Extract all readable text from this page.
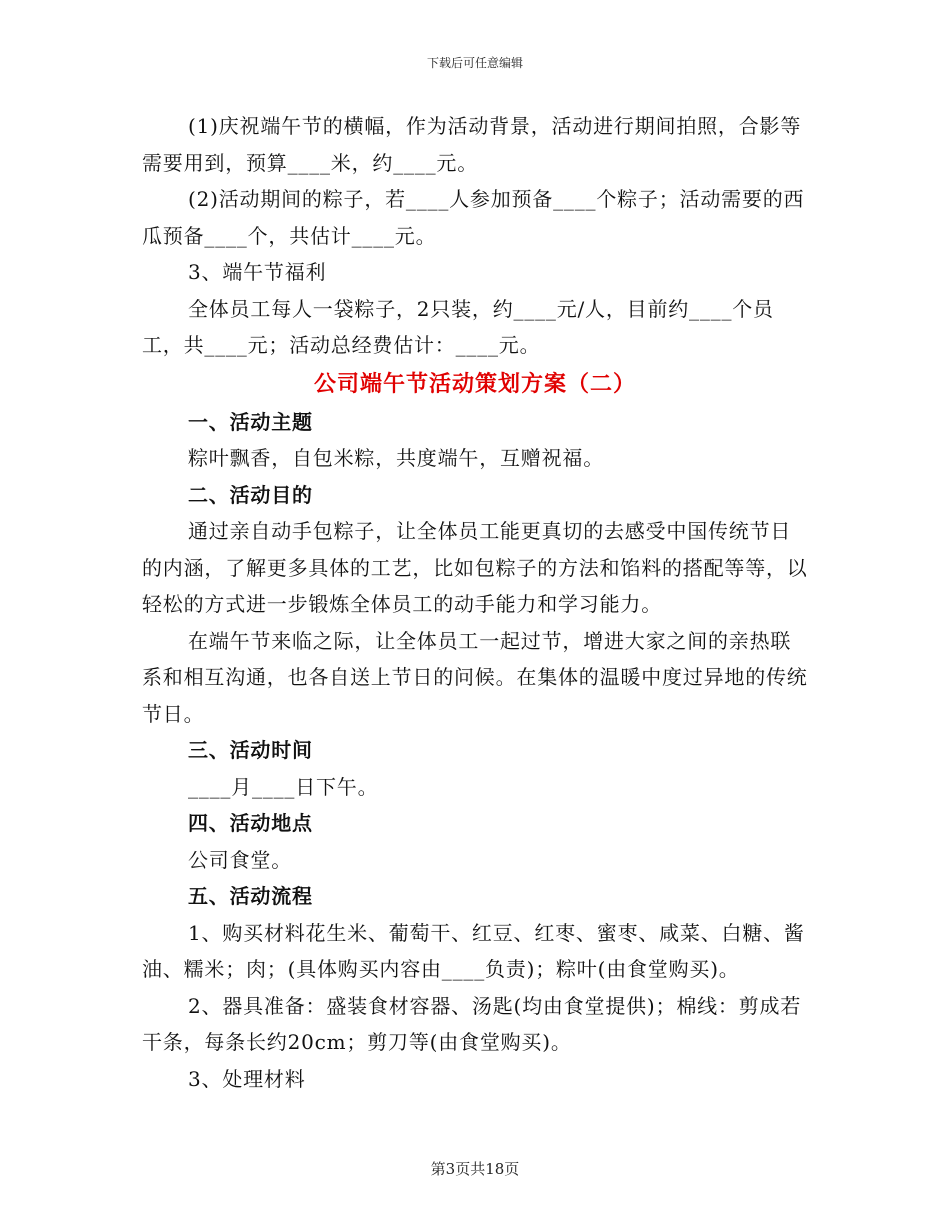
下载后可任意编辑

(1)庆祝端午节的横幅，作为活动背景，活动进行期间拍照，合影等需要用到，预算____米，约____元。

(2)活动期间的粽子，若____人参加预备____个粽子；活动需要的西瓜预备____个，共估计____元。

3、端午节福利

全体员工每人一袋粽子，2只装，约____元/人，目前约____个员工，共____元；活动总经费估计：____元。

公司端午节活动策划方案（二）

一、活动主题

粽叶飘香，自包米粽，共度端午，互赠祝福。

二、活动目的

通过亲自动手包粽子，让全体员工能更真切的去感受中国传统节日的内涵，了解更多具体的工艺，比如包粽子的方法和馅料的搭配等等，以轻松的方式进一步锻炼全体员工的动手能力和学习能力。

在端午节来临之际，让全体员工一起过节，增进大家之间的亲热联系和相互沟通，也各自送上节日的问候。在集体的温暖中度过异地的传统节日。

三、活动时间

____月____日下午。

四、活动地点

公司食堂。

五、活动流程

1、购买材料花生米、葡萄干、红豆、红枣、蜜枣、咸菜、白糖、酱油、糯米；肉；(具体购买内容由____负责)；粽叶(由食堂购买)。

2、器具准备：盛装食材容器、汤匙(均由食堂提供)；棉线：剪成若干条，每条长约20cm；剪刀等(由食堂购买)。

3、处理材料

第3页共18页
